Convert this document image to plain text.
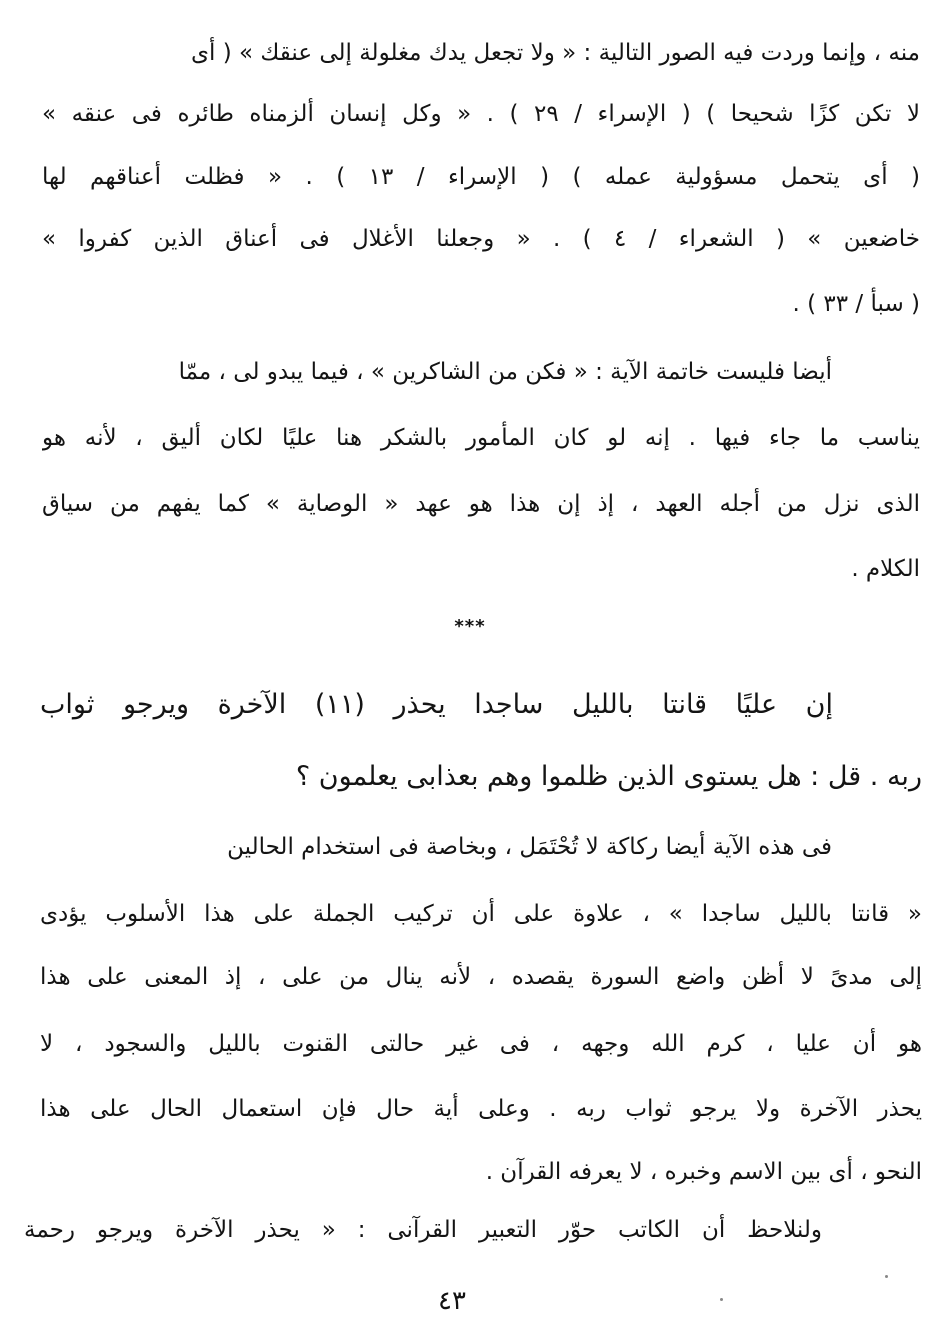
منه ، وإنما وردت فيه الصور التالية : « ولا تجعل يدك مغلولة إلى عنقك » ( أى
لا تكن كزًا شحيحا ) ( الإسراء / ٢٩ ) . « وكل إنسان ألزمناه طائره فى عنقه »
( أى يتحمل مسؤولية عمله ) ( الإسراء / ١٣ ) . « فظلت أعناقهم لها
خاضعين » ( الشعراء / ٤ ) . « وجعلنا الأغلال فى أعناق الذين كفروا »
( سبأ / ٣٣ ) .
أيضا فليست خاتمة الآية : « فكن من الشاكرين » ، فيما يبدو لى ، ممّا
يناسب ما جاء فيها . إنه لو كان المأمور بالشكر هنا عليًا لكان أليق ، لأنه هو
الذى نزل من أجله العهد ، إذ إن هذا هو عهد « الوصاية » كما يفهم من سياق
الكلام .
***
إن عليًا قانتا بالليل ساجدا يحذر (١١) الآخرة ويرجو ثواب
ربه . قل : هل يستوى الذين ظلموا وهم بعذابى يعلمون ؟
فى هذه الآية أيضا ركاكة لا تُحْتَمَل ، وبخاصة فى استخدام الحالين
« قانتا بالليل ساجدا » ، علاوة على أن تركيب الجملة على هذا الأسلوب يؤدى
إلى مدىً لا أظن واضع السورة يقصده ، لأنه ينال من على ، إذ المعنى على هذا
هو أن عليا ، كرم الله وجهه ، فى غير حالتى القنوت بالليل والسجود ، لا
يحذر الآخرة ولا يرجو ثواب ربه . وعلى أية حال فإن استعمال الحال على هذا
النحو ، أى بين الاسم وخبره ، لا يعرفه القرآن .
ولنلاحظ أن الكاتب حوّر التعبير القرآنى : « يحذر الآخرة ويرجو رحمة
٤٣
